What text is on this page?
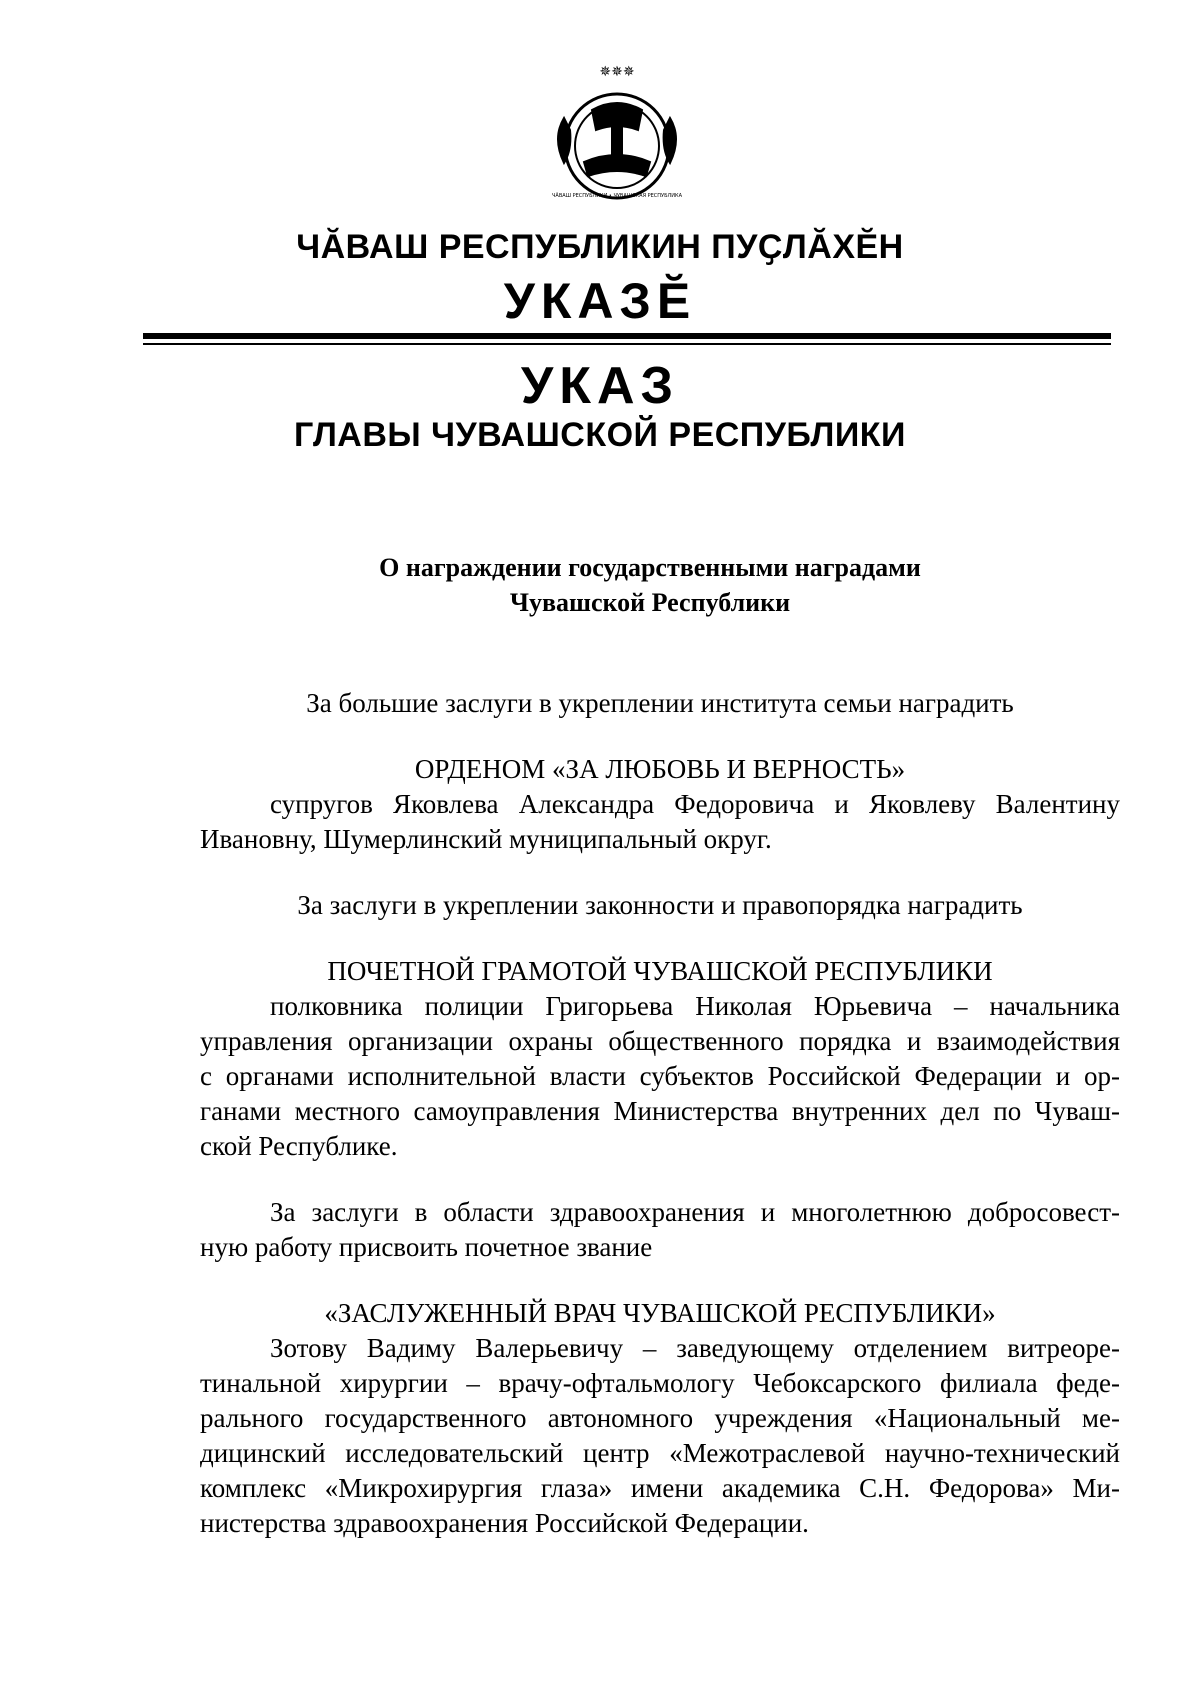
✵✵✵
ЧӐВАШ РЕСПУБЛИКИ • ЧУВАШСКАЯ РЕСПУБЛИКА
ЧӐВАШ РЕСПУБЛИКИН ПУҪЛӐХӖН
УКАЗӖ
УКАЗ
ГЛАВЫ ЧУВАШСКОЙ РЕСПУБЛИКИ
О награждении государственными наградами
Чувашской Республики
За большие заслуги в укреплении института семьи наградить
ОРДЕНОМ «ЗА ЛЮБОВЬ И ВЕРНОСТЬ»
супругов Яковлева Александра Федоровича и Яковлеву Валентину
Ивановну, Шумерлинский муниципальный округ.
За заслуги в укреплении законности и правопорядка наградить
ПОЧЕТНОЙ ГРАМОТОЙ ЧУВАШСКОЙ РЕСПУБЛИКИ
полковника полиции Григорьева Николая Юрьевича – начальника
управления организации охраны общественного порядка и взаимодействия
с органами исполнительной власти субъектов Российской Федерации и ор-
ганами местного самоуправления Министерства внутренних дел по Чуваш-
ской Республике.
За заслуги в области здравоохранения и многолетнюю добросовест-
ную работу присвоить почетное звание
«ЗАСЛУЖЕННЫЙ ВРАЧ ЧУВАШСКОЙ РЕСПУБЛИКИ»
Зотову Вадиму Валерьевичу – заведующему отделением витреоре-
тинальной хирургии – врачу-офтальмологу Чебоксарского филиала феде-
рального государственного автономного учреждения «Национальный ме-
дицинский исследовательский центр «Межотраслевой научно-технический
комплекс «Микрохирургия глаза» имени академика С.Н. Федорова» Ми-
нистерства здравоохранения Российской Федерации.
